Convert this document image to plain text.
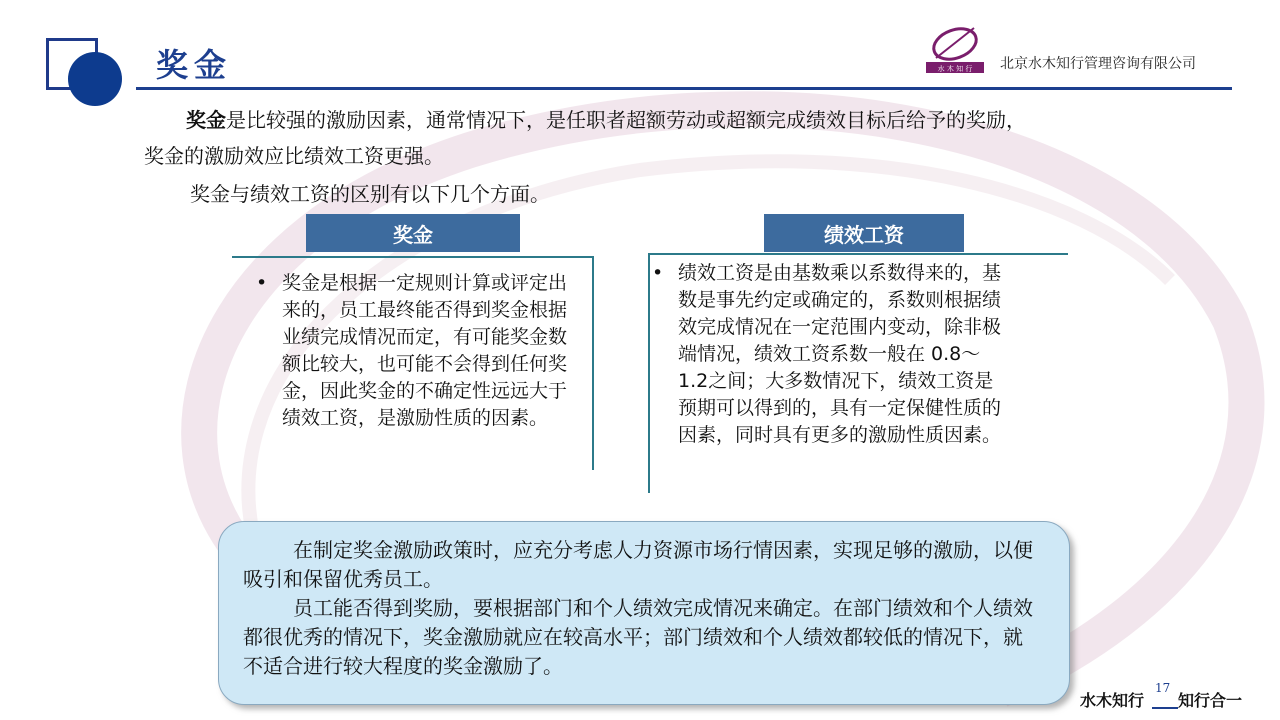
奖金	水 木 知 行 北京水木知行管理咨询有限公司
奖金是比较强的激励因素，通常情况下，是任职者超额劳动或超额完成绩效目标后给予的奖励，
奖金的激励效应比绩效工资更强。
奖金与绩效工资的区别有以下几个方面。
奖金
• 奖金是根据一定规则计算或评定出来的，员工最终能否得到奖金根据业绩完成情况而定，有可能奖金数额比较大，也可能不会得到任何奖金，因此奖金的不确定性远远大于绩效工资，是激励性质的因素。
绩效工资
• 绩效工资是由基数乘以系数得来的，基数是事先约定或确定的，系数则根据绩效完成情况在一定范围内变动，除非极端情况，绩效工资系数一般在 0.8～ 1.2之间；大多数情况下，绩效工资是预期可以得到的，具有一定保健性质的因素，同时具有更多的激励性质因素。

在制定奖金激励政策时，应充分考虑人力资源市场行情因素，实现足够的激励，以便吸引和保留优秀员工。

员工能否得到奖励，要根据部门和个人绩效完成情况来确定。在部门绩效和个人绩效都很优秀的情况下，奖金激励就应在较高水平；部门绩效和个人绩效都较低的情况下，就不适合进行较大程度的奖金激励了。

水木知行 知行合一
17
